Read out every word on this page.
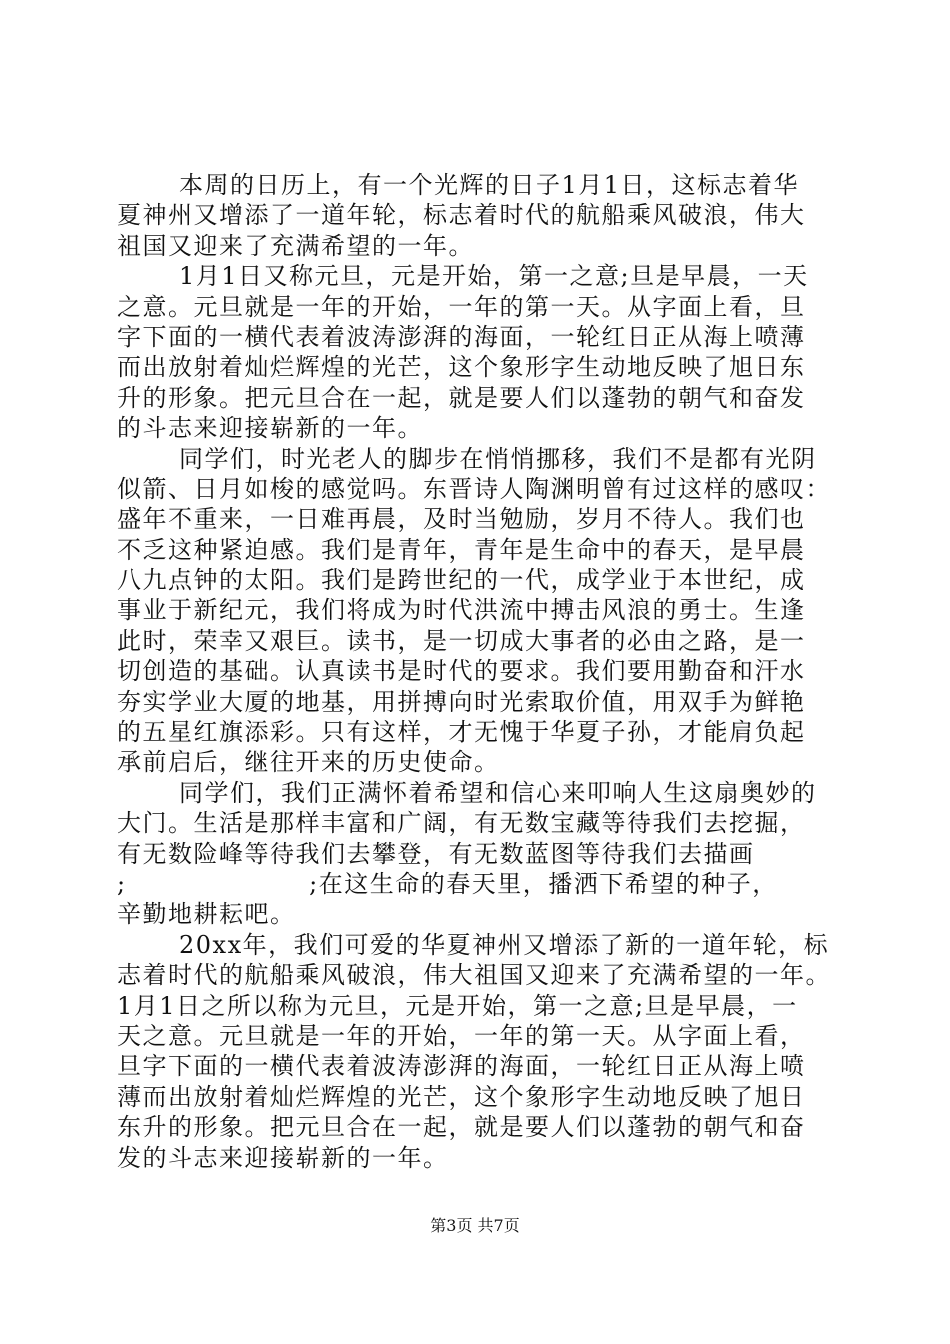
本周的日历上，有一个光辉的日子1月1日，这标志着华
夏神州又增添了一道年轮，标志着时代的航船乘风破浪，伟大
祖国又迎来了充满希望的一年。
1月1日又称元旦，元是开始，第一之意;旦是早晨，一天
之意。元旦就是一年的开始，一年的第一天。从字面上看，旦
字下面的一横代表着波涛澎湃的海面，一轮红日正从海上喷薄
而出放射着灿烂辉煌的光芒，这个象形字生动地反映了旭日东
升的形象。把元旦合在一起，就是要人们以蓬勃的朝气和奋发
的斗志来迎接崭新的一年。
同学们，时光老人的脚步在悄悄挪移，我们不是都有光阴
似箭、日月如梭的感觉吗。东晋诗人陶渊明曾有过这样的感叹：
盛年不重来，一日难再晨，及时当勉励，岁月不待人。我们也
不乏这种紧迫感。我们是青年，青年是生命中的春天，是早晨
八九点钟的太阳。我们是跨世纪的一代，成学业于本世纪，成
事业于新纪元，我们将成为时代洪流中搏击风浪的勇士。生逢
此时，荣幸又艰巨。读书，是一切成大事者的必由之路，是一
切创造的基础。认真读书是时代的要求。我们要用勤奋和汗水
夯实学业大厦的地基，用拼搏向时光索取价值，用双手为鲜艳
的五星红旗添彩。只有这样，才无愧于华夏子孙，才能肩负起
承前启后，继往开来的历史使命。
同学们，我们正满怀着希望和信心来叩响人生这扇奥妙的
大门。生活是那样丰富和广阔，有无数宝藏等待我们去挖掘，
有无数险峰等待我们去攀登，有无数蓝图等待我们去描画
;                    ;在这生命的春天里，播洒下希望的种子，
辛勤地耕耘吧。
20xx年，我们可爱的华夏神州又增添了新的一道年轮，标
志着时代的航船乘风破浪，伟大祖国又迎来了充满希望的一年。
1月1日之所以称为元旦，元是开始，第一之意;旦是早晨，一
天之意。元旦就是一年的开始，一年的第一天。从字面上看，
旦字下面的一横代表着波涛澎湃的海面，一轮红日正从海上喷
薄而出放射着灿烂辉煌的光芒，这个象形字生动地反映了旭日
东升的形象。把元旦合在一起，就是要人们以蓬勃的朝气和奋
发的斗志来迎接崭新的一年。
第3页 共7页
